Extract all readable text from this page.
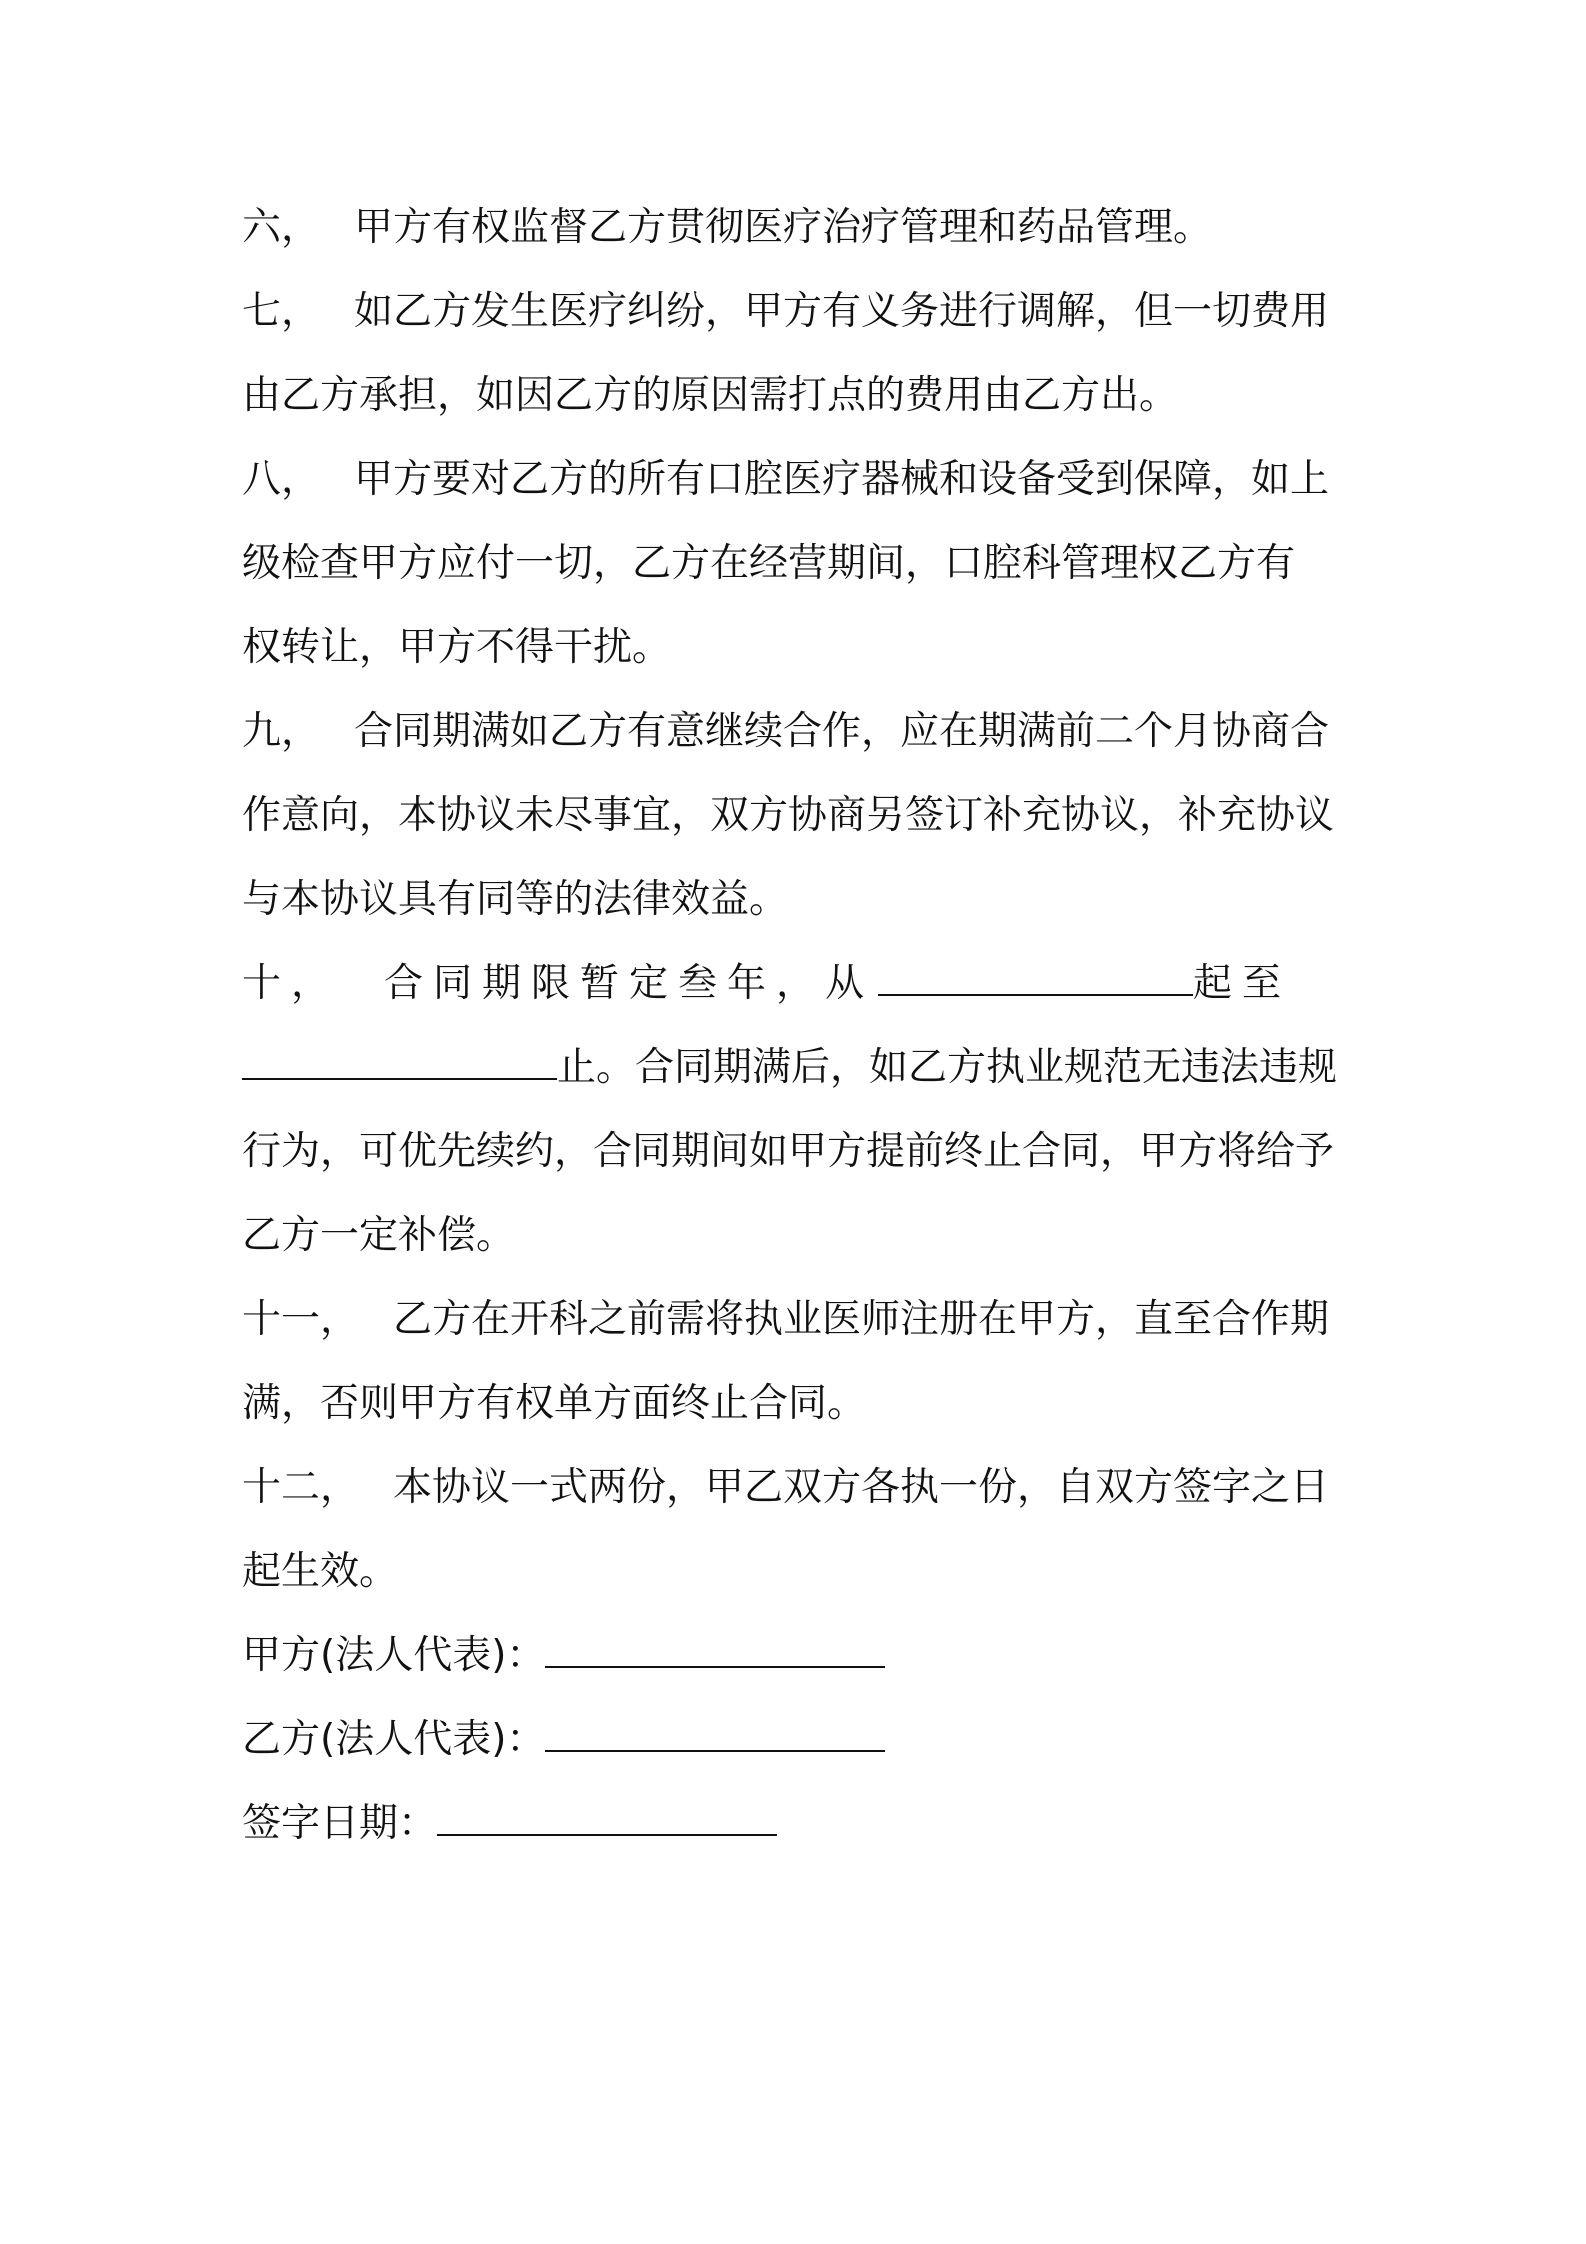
六， 甲方有权监督乙方贯彻医疗治疗管理和药品管理。
七， 如乙方发生医疗纠纷，甲方有义务进行调解，但一切费用
由乙方承担，如因乙方的原因需打点的费用由乙方出。
八， 甲方要对乙方的所有口腔医疗器械和设备受到保障，如上
级检查甲方应付一切，乙方在经营期间，口腔科管理权乙方有
权转让，甲方不得干扰。
九， 合同期满如乙方有意继续合作，应在期满前二个月协商合
作意向，本协议未尽事宜，双方协商另签订补充协议，补充协议
与本协议具有同等的法律效益。
十， 合同期限暂定叁年，从	起至
止。合同期满后，如乙方执业规范无违法违规
行为，可优先续约，合同期间如甲方提前终止合同，甲方将给予
乙方一定补偿。
十一， 乙方在开科之前需将执业医师注册在甲方，直至合作期
满，否则甲方有权单方面终止合同。
十二， 本协议一式两份，甲乙双方各执一份，自双方签字之日
起生效。
甲方(法人代表)：
乙方(法人代表)：
签字日期：
